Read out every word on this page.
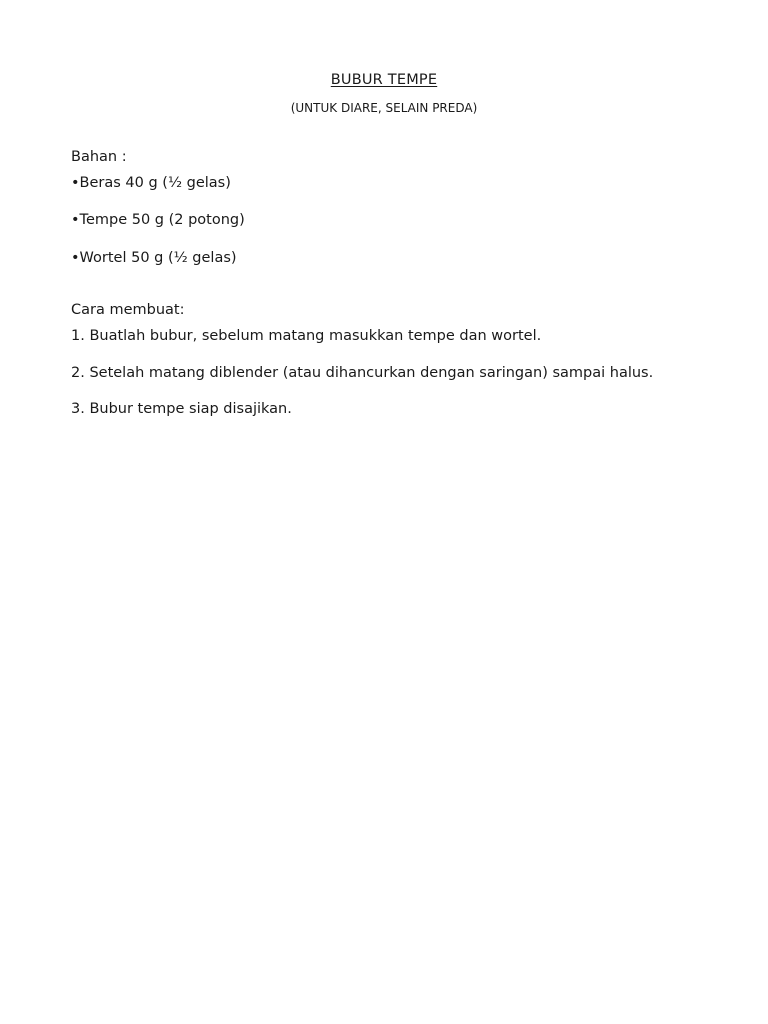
BUBUR TEMPE
(UNTUK DIARE, SELAIN PREDA)
Bahan :
•Beras 40 g (⅟₂ gelas)
•Tempe 50 g (2 potong)
•Wortel 50 g (⅟₂ gelas)
Cara membuat:
1. Buatlah bubur, sebelum matang masukkan tempe dan wortel.
2. Setelah matang diblender (atau dihancurkan dengan saringan) sampai halus.
3. Bubur tempe siap disajikan.
